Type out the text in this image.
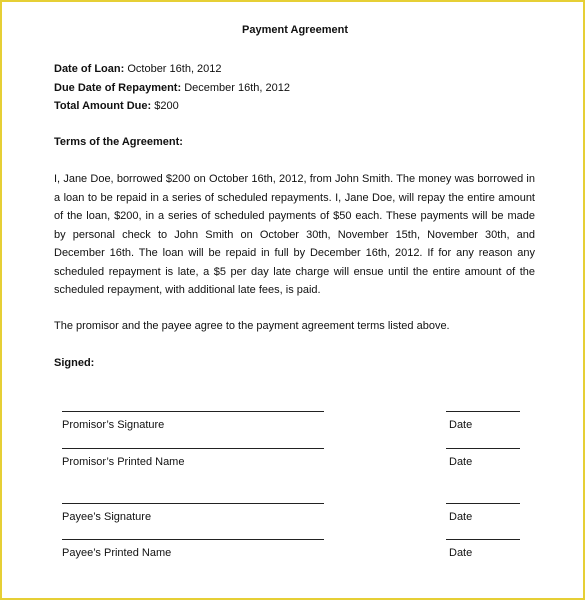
Payment Agreement
Date of Loan: October 16th, 2012
Due Date of Repayment: December 16th, 2012
Total Amount Due: $200
Terms of the Agreement:
I, Jane Doe, borrowed $200 on October 16th, 2012, from John Smith. The money was borrowed in a loan to be repaid in a series of scheduled repayments. I, Jane Doe, will repay the entire amount of the loan, $200, in a series of scheduled payments of $50 each. These payments will be made by personal check to John Smith on October 30th, November 15th, November 30th, and December 16th. The loan will be repaid in full by December 16th, 2012. If for any reason any scheduled repayment is late, a $5 per day late charge will ensue until the entire amount of the scheduled repayment, with additional late fees, is paid.
The promisor and the payee agree to the payment agreement terms listed above.
Signed:
Promisor’s Signature	Date
Promisor’s Printed Name	Date
Payee’s Signature	Date
Payee’s Printed Name	Date
